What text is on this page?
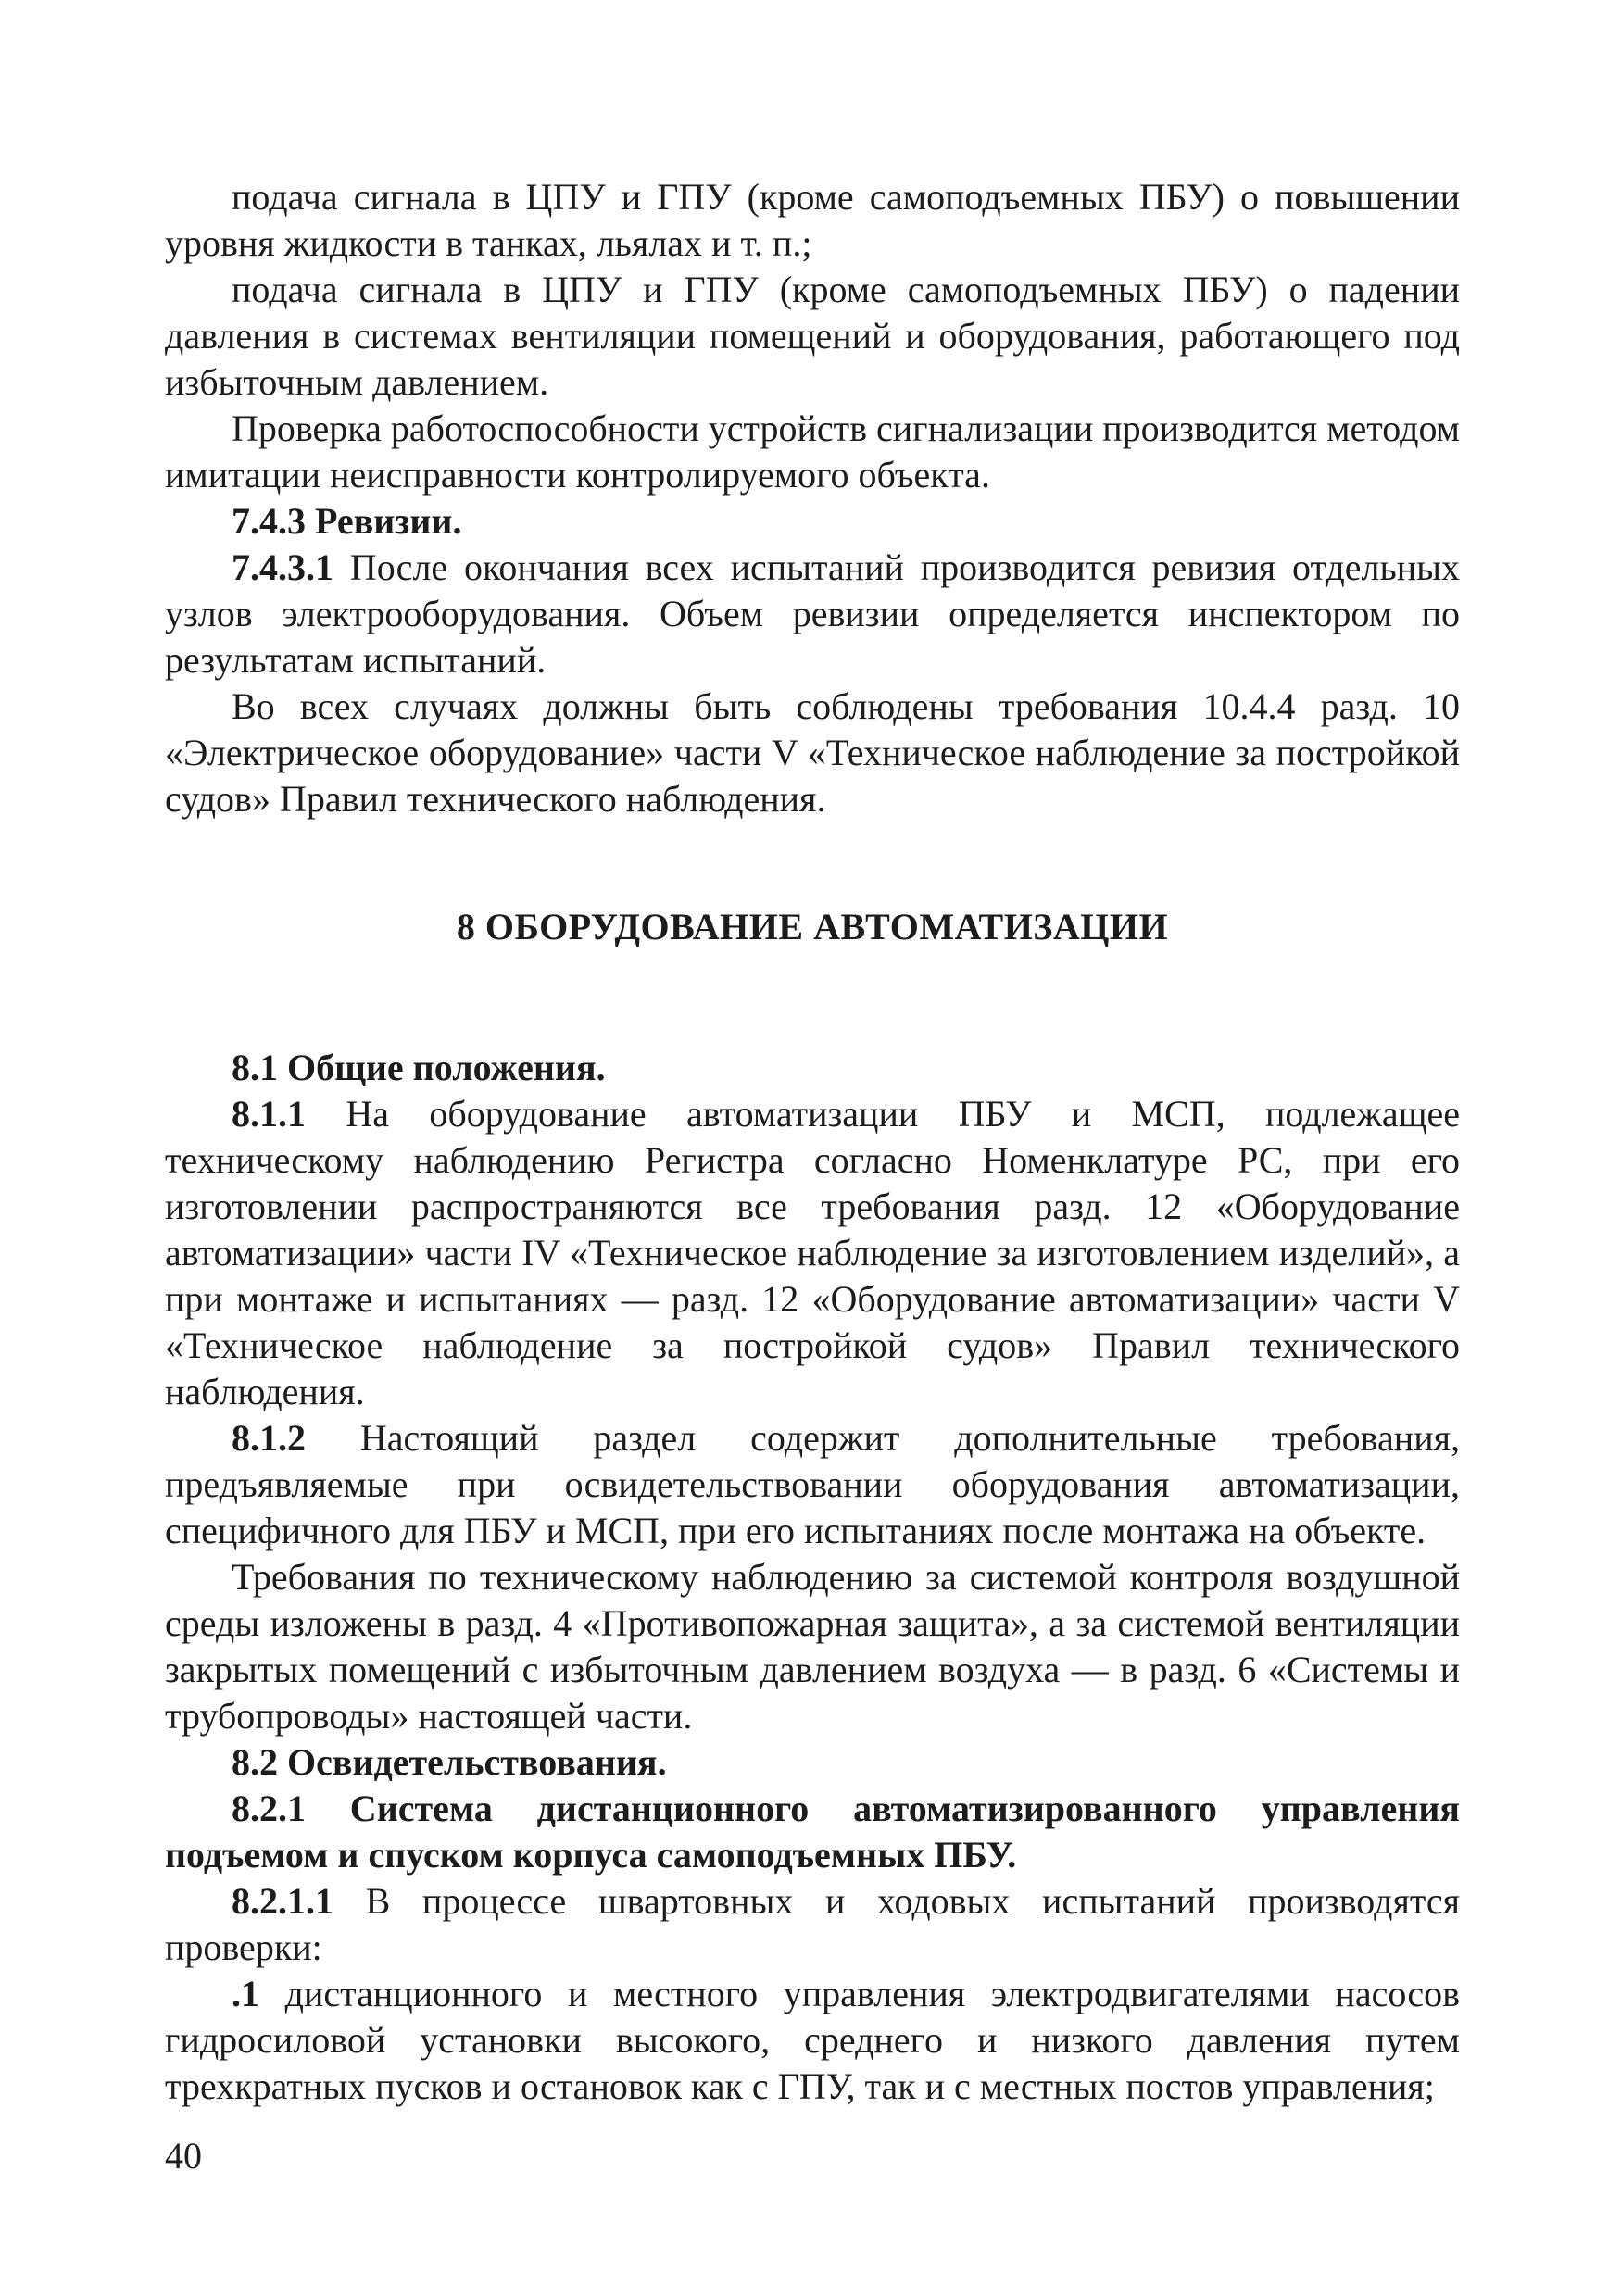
подача сигнала в ЦПУ и ГПУ (кроме самоподъемных ПБУ) о повышении уровня жидкости в танках, льялах и т. п.;

подача сигнала в ЦПУ и ГПУ (кроме самоподъемных ПБУ) о падении давления в системах вентиляции помещений и оборудования, работающего под избыточным давлением.

Проверка работоспособности устройств сигнализации производится методом имитации неисправности контролируемого объекта.

7.4.3 Ревизии.

7.4.3.1 После окончания всех испытаний производится ревизия отдельных узлов электрооборудования. Объем ревизии определяется инспектором по результатам испытаний.

Во всех случаях должны быть соблюдены требования 10.4.4 разд. 10 «Электрическое оборудование» части V «Техническое наблюдение за постройкой судов» Правил технического наблюдения.

8 ОБОРУДОВАНИЕ АВТОМАТИЗАЦИИ

8.1 Общие положения.

8.1.1 На оборудование автоматизации ПБУ и МСП, подлежащее техническому наблюдению Регистра согласно Номенклатуре РС, при его изготовлении распространяются все требования разд. 12 «Оборудование автоматизации» части IV «Техническое наблюдение за изготовлением изделий», а при монтаже и испытаниях — разд. 12 «Оборудование автоматизации» части V «Техническое наблюдение за постройкой судов» Правил технического наблюдения.

8.1.2 Настоящий раздел содержит дополнительные требования, предъявляемые при освидетельствовании оборудования автоматизации, специфичного для ПБУ и МСП, при его испытаниях после монтажа на объекте.

Требования по техническому наблюдению за системой контроля воздушной среды изложены в разд. 4 «Противопожарная защита», а за системой вентиляции закрытых помещений с избыточным давлением воздуха — в разд. 6 «Системы и трубопроводы» настоящей части.

8.2 Освидетельствования.

8.2.1 Система дистанционного автоматизированного управления подъемом и спуском корпуса самоподъемных ПБУ.

8.2.1.1 В процессе швартовных и ходовых испытаний производятся проверки:

.1 дистанционного и местного управления электродвигателями насосов гидросиловой установки высокого, среднего и низкого давления путем трехкратных пусков и остановок как с ГПУ, так и с местных постов управления;

40
